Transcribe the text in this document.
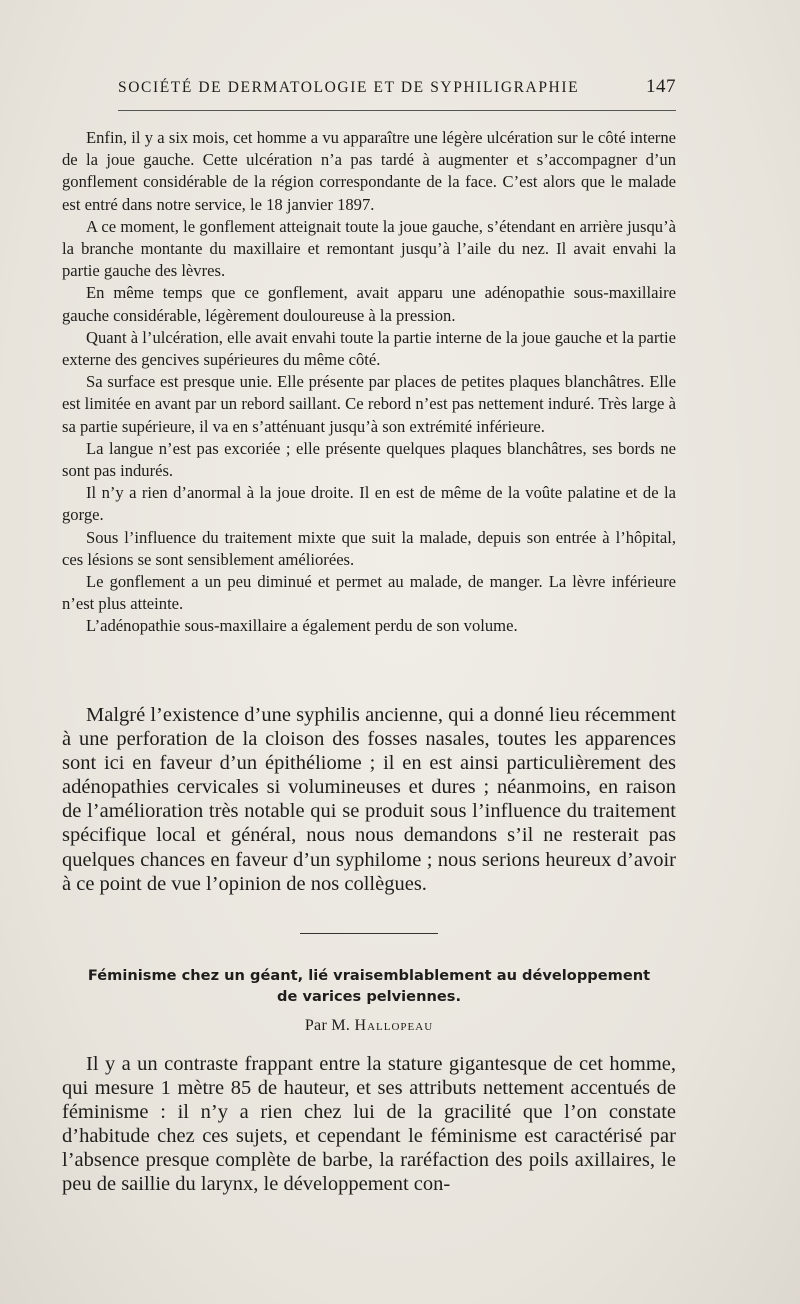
SOCIÉTÉ DE DERMATOLOGIE ET DE SYPHILIGRAPHIE	147

Enfin, il y a six mois, cet homme a vu apparaître une légère ulcération sur le côté interne de la joue gauche. Cette ulcération n’a pas tardé à augmenter et s’accompagner d’un gonflement considérable de la région correspondante de la face. C’est alors que le malade est entré dans notre service, le 18 janvier 1897.

A ce moment, le gonflement atteignait toute la joue gauche, s’étendant en arrière jusqu’à la branche montante du maxillaire et remontant jusqu’à l’aile du nez. Il avait envahi la partie gauche des lèvres.

En même temps que ce gonflement, avait apparu une adénopathie sous-maxillaire gauche considérable, légèrement douloureuse à la pression.

Quant à l’ulcération, elle avait envahi toute la partie interne de la joue gauche et la partie externe des gencives supérieures du même côté.

Sa surface est presque unie. Elle présente par places de petites plaques blanchâtres. Elle est limitée en avant par un rebord saillant. Ce rebord n’est pas nettement induré. Très large à sa partie supérieure, il va en s’atténuant jusqu’à son extrémité inférieure.

La langue n’est pas excoriée ; elle présente quelques plaques blanchâtres, ses bords ne sont pas indurés.

Il n’y a rien d’anormal à la joue droite. Il en est de même de la voûte palatine et de la gorge.

Sous l’influence du traitement mixte que suit la malade, depuis son entrée à l’hôpital, ces lésions se sont sensiblement améliorées.

Le gonflement a un peu diminué et permet au malade, de manger. La lèvre inférieure n’est plus atteinte.

L’adénopathie sous-maxillaire a également perdu de son volume.

Malgré l’existence d’une syphilis ancienne, qui a donné lieu récemment à une perforation de la cloison des fosses nasales, toutes les apparences sont ici en faveur d’un épithéliome ; il en est ainsi particulièrement des adénopathies cervicales si volumineuses et dures ; néanmoins, en raison de l’amélioration très notable qui se produit sous l’influence du traitement spécifique local et général, nous nous demandons s’il ne resterait pas quelques chances en faveur d’un syphilome ; nous serions heureux d’avoir à ce point de vue l’opinion de nos collègues.

Féminisme chez un géant, lié vraisemblablement au développement
de varices pelviennes.
Par M. Hallopeau

Il y a un contraste frappant entre la stature gigantesque de cet homme, qui mesure 1 mètre 85 de hauteur, et ses attributs nettement accentués de féminisme : il n’y a rien chez lui de la gracilité que l’on constate d’habitude chez ces sujets, et cependant le féminisme est caractérisé par l’absence presque complète de barbe, la raréfaction des poils axillaires, le peu de saillie du larynx, le développement con-
